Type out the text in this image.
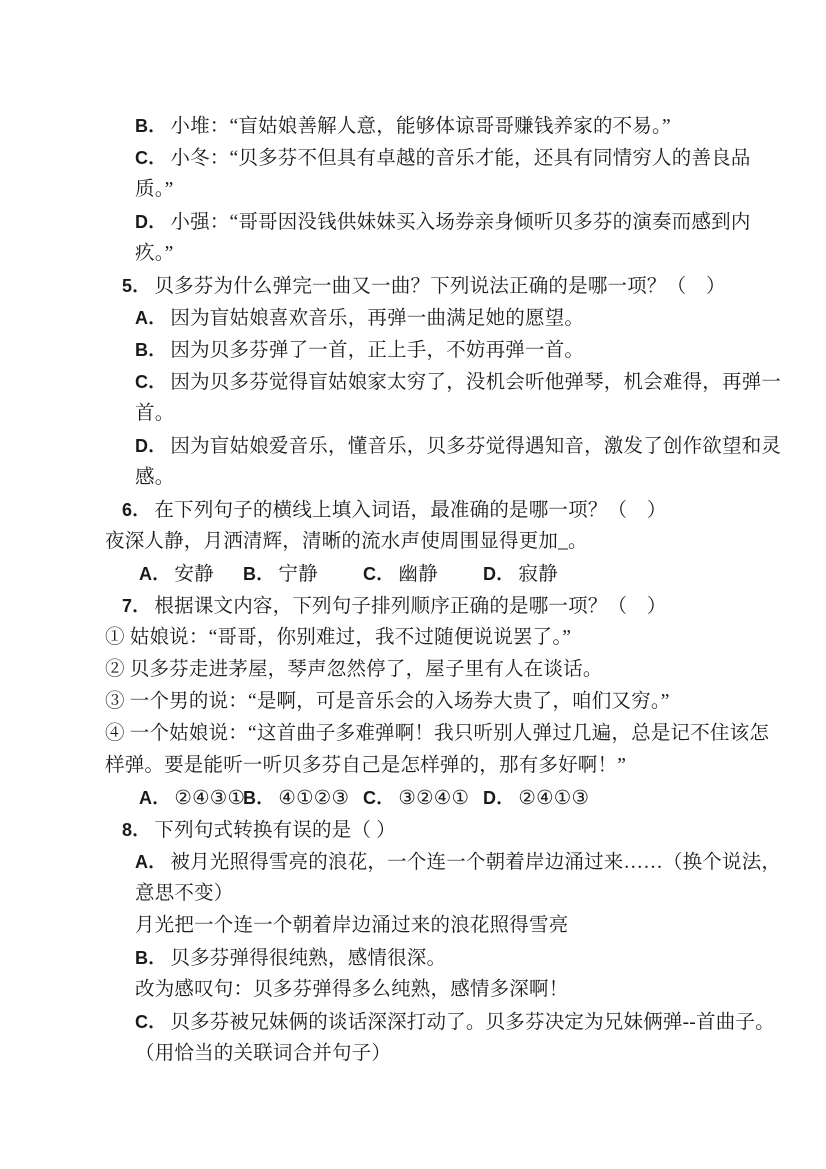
B． 小堆：“盲姑娘善解人意，能够体谅哥哥赚钱养家的不易。”
C． 小冬：“贝多芬不但具有卓越的音乐才能，还具有同情穷人的善良品
质。”
D． 小强：“哥哥因没钱供妹妹买入场券亲身倾听贝多芬的演奏而感到内
疚。”
5． 贝多芬为什么弹完一曲又一曲？下列说法正确的是哪一项？（　）
A． 因为盲姑娘喜欢音乐，再弹一曲满足她的愿望。
B． 因为贝多芬弹了一首，正上手，不妨再弹一首。
C． 因为贝多芬觉得盲姑娘家太穷了，没机会听他弹琴，机会难得，再弹一
首。
D． 因为盲姑娘爱音乐，懂音乐，贝多芬觉得遇知音，激发了创作欲望和灵
感。
6． 在下列句子的横线上填入词语，最准确的是哪一项？（　）
夜深人静，月洒清辉，清晰的流水声使周围显得更加_。
A． 安静	B． 宁静	C． 幽静	D． 寂静
7． 根据课文内容，下列句子排列顺序正确的是哪一项？（　）
① 姑娘说：“哥哥，你别难过，我不过随便说说罢了。”
② 贝多芬走进茅屋，琴声忽然停了，屋子里有人在谈话。
③ 一个男的说：“是啊，可是音乐会的入场券大贵了，咱们又穷。”
④ 一个姑娘说：“这首曲子多难弹啊！我只听别人弹过几遍，总是记不住该怎
样弹。要是能听一听贝多芬自己是怎样弹的，那有多好啊！”
A． ②④③①
B． ④①②③ C． ③②④① D． ②④①③
8． 下列句式转换有误的是（ ）
A． 被月光照得雪亮的浪花，一个连一个朝着岸边涌过来……（换个说法，
意思不变）
月光把一个连一个朝着岸边涌过来的浪花照得雪亮
B． 贝多芬弹得很纯熟，感情很深。
改为感叹句：贝多芬弹得多么纯熟，感情多深啊！
C． 贝多芬被兄妹俩的谈话深深打动了。贝多芬决定为兄妹俩弹--首曲子。
（用恰当的关联词合并句子）
